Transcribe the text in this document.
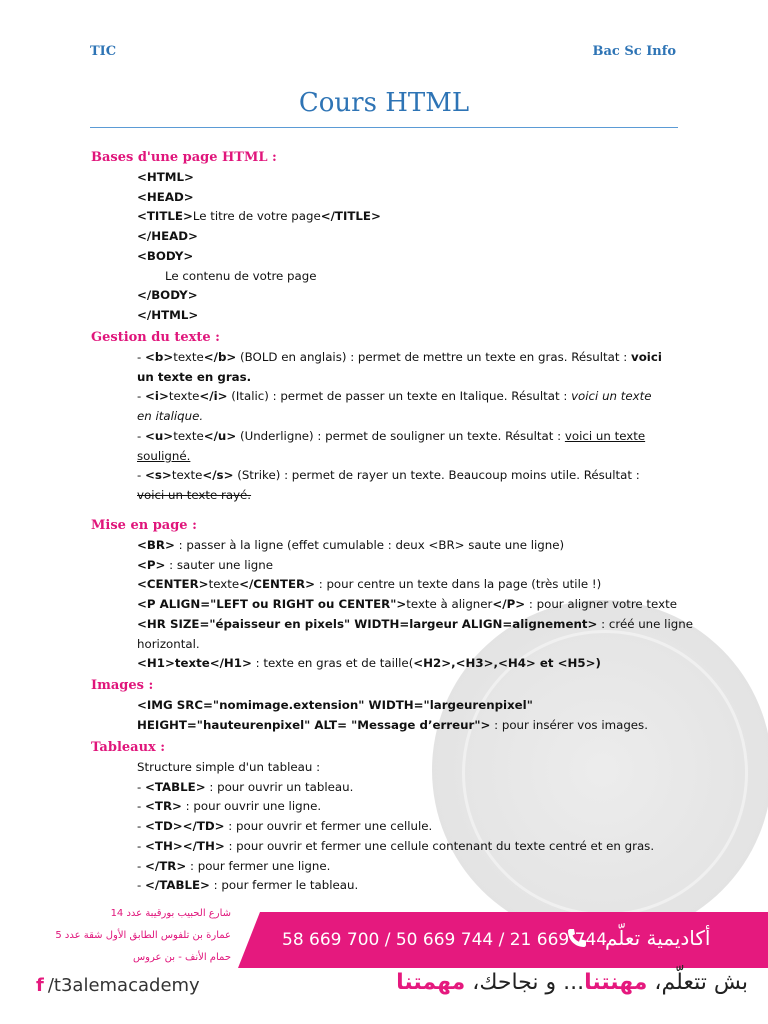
TIC	Bac Sc Info
Cours HTML
Bases d'une page HTML :
<HTML>
<HEAD>
<TITLE>Le titre de votre page</TITLE>
</HEAD>
<BODY>
Le contenu de votre page
</BODY>
</HTML>
Gestion du texte :
- <b>texte</b> (BOLD en anglais) : permet de mettre un texte en gras. Résultat : voici
un texte en gras.
- <i>texte</i> (Italic) : permet de passer un texte en Italique. Résultat : voici un texte
en italique.
- <u>texte</u> (Underligne) : permet de souligner un texte. Résultat : voici un texte
souligné.
- <s>texte</s> (Strike) : permet de rayer un texte. Beaucoup moins utile. Résultat :
voici un texte rayé.
Mise en page :
<BR> : passer à la ligne (effet cumulable : deux <BR> saute une ligne)
<P> : sauter une ligne
<CENTER>texte</CENTER> : pour centre un texte dans la page (très utile !)
<P ALIGN="LEFT ou RIGHT ou CENTER">texte à aligner</P> : pour aligner votre texte
<HR SIZE="épaisseur en pixels" WIDTH=largeur ALIGN=alignement> : créé une ligne
horizontal.
<H1>texte</H1> : texte en gras et de taille(<H2>,<H3>,<H4> et <H5>)
Images :
<IMG SRC="nomimage.extension" WIDTH="largeurenpixel"
HEIGHT="hauteurenpixel" ALT= "Message d’erreur"> : pour insérer vos images.
Tableaux :
Structure simple d'un tableau :
- <TABLE> : pour ouvrir un tableau.
- <TR> : pour ouvrir une ligne.
- <TD></TD> : pour ouvrir et fermer une cellule.
- <TH></TH> : pour ouvrir et fermer une cellule contenant du texte centré et en gras.
- </TR> : pour fermer une ligne.
- </TABLE> : pour fermer le tableau.
شارع الحبيب بورقيبة عدد 14
عمارة بن تلفوس الطابق الأول شقة عدد 5
حمام الأنف - بن عروس
58 669 700 / 50 669 744 / 21 669 744
أكاديمية تعلّم
f /t3alemacademy	بش تتعلّم، مهنتنا... و نجاحك، مهمتنا
